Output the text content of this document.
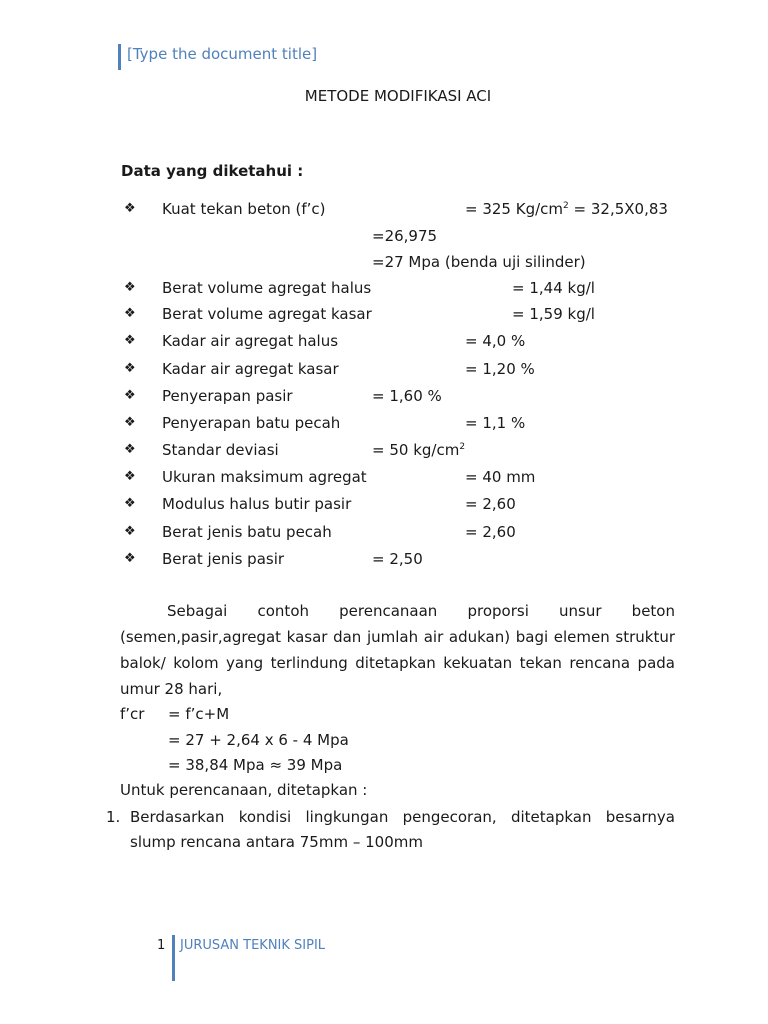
[Type the document title]
METODE MODIFIKASI ACI
Data yang diketahui :
❖ Kuat tekan beton (f’c)	= 325 $Kg/cm^2 = 32,5X0,83$
=26,975
=27 Mpa (benda uji silinder)
❖ Berat volume agregat halus	= 1,44 kg/l
❖ Berat volume agregat kasar	= 1,59 kg/l
❖ Kadar air agregat halus	= 4,0 %
❖ Kadar air agregat kasar	= 1,20 %
❖ Penyerapan pasir	= 1,60 %
❖ Penyerapan batu pecah	= 1,1 %
❖ Standar deviasi	= 50 $kg/cm^2$
❖ Ukuran maksimum agregat	= 40 mm
❖ Modulus halus butir pasir	= 2,60
❖ Berat jenis batu pecah	= 2,60
❖ Berat jenis pasir	= 2,50
Sebagai contoh perencanaan proporsi unsur beton (semen,pasir,agregat kasar dan jumlah air adukan) bagi elemen struktur balok/ kolom yang terlindung ditetapkan kekuatan tekan rencana pada umur 28 hari,
f’cr = f’c+M
= 27 + 2,64 x 6 - 4 Mpa
= 38,84 Mpa ≈ 39 Mpa
Untuk perencanaan, ditetapkan :
1. Berdasarkan kondisi lingkungan pengecoran, ditetapkan besarnya
slump rencana antara 75mm – 100mm
1 JURUSAN TEKNIK SIPIL
